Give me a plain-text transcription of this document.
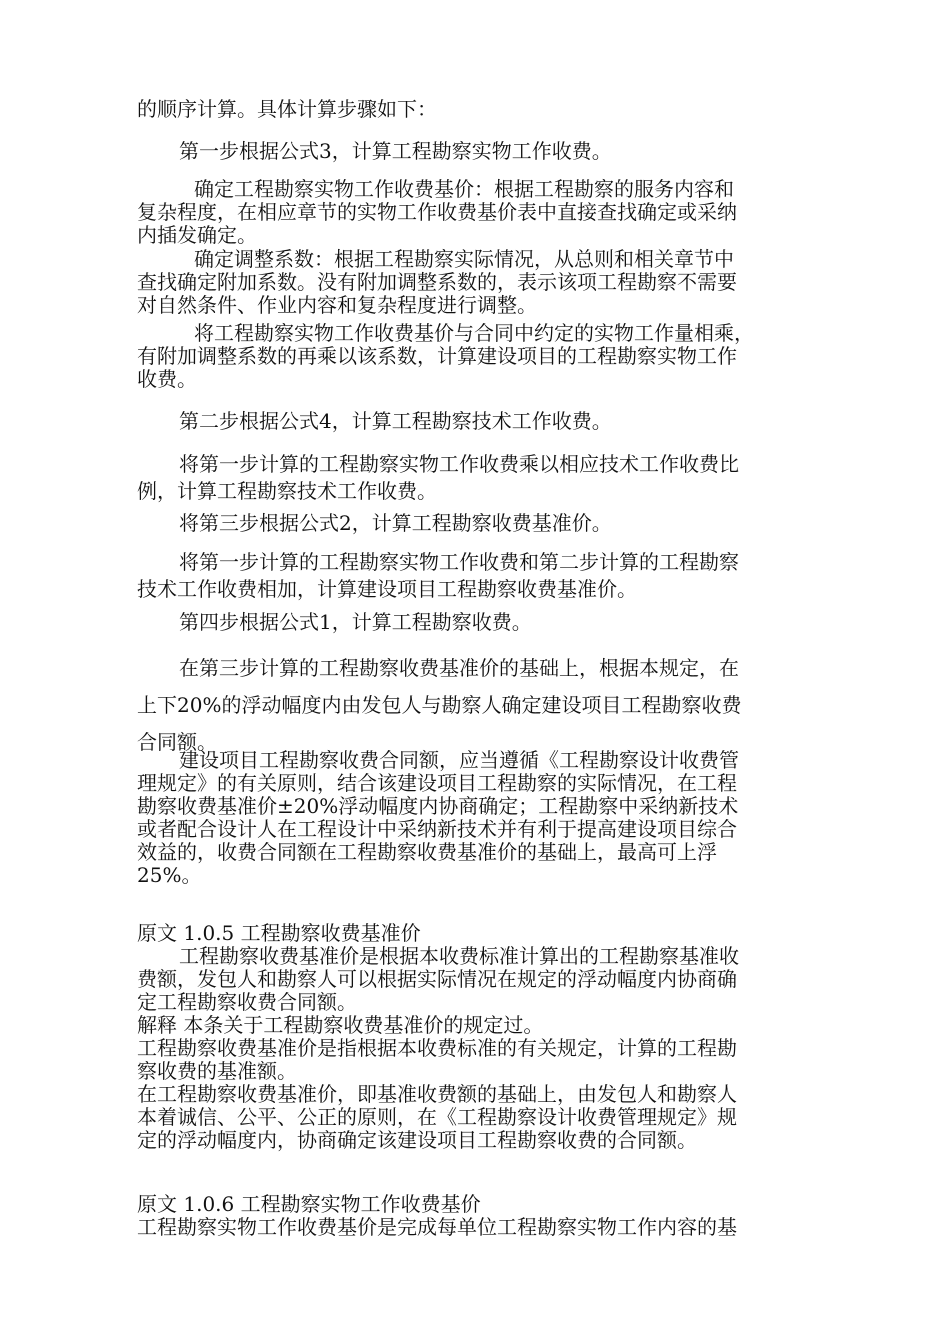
的顺序计算。具体计算步骤如下：

第一步根据公式3，计算工程勘察实物工作收费。

确定工程勘察实物工作收费基价：根据工程勘察的服务内容和
复杂程度，在相应章节的实物工作收费基价表中直接查找确定或采纳
内插发确定。

确定调整系数：根据工程勘察实际情况，从总则和相关章节中
查找确定附加系数。没有附加调整系数的，表示该项工程勘察不需要
对自然条件、作业内容和复杂程度进行调整。

将工程勘察实物工作收费基价与合同中约定的实物工作量相乘，
有附加调整系数的再乘以该系数，计算建设项目的工程勘察实物工作
收费。

第二步根据公式4，计算工程勘察技术工作收费。

将第一步计算的工程勘察实物工作收费乘以相应技术工作收费比
例，计算工程勘察技术工作收费。

将第三步根据公式2，计算工程勘察收费基准价。

将第一步计算的工程勘察实物工作收费和第二步计算的工程勘察
技术工作收费相加，计算建设项目工程勘察收费基准价。

第四步根据公式1，计算工程勘察收费。

在第三步计算的工程勘察收费基准价的基础上，根据本规定，在
上下20%的浮动幅度内由发包人与勘察人确定建设项目工程勘察收费
合同额。

建设项目工程勘察收费合同额，应当遵循《工程勘察设计收费管
理规定》的有关原则，结合该建设项目工程勘察的实际情况，在工程
勘察收费基准价±20%浮动幅度内协商确定；工程勘察中采纳新技术
或者配合设计人在工程设计中采纳新技术并有利于提高建设项目综合
效益的，收费合同额在工程勘察收费基准价的基础上，最高可上浮
25%。

原文 1.0.5 工程勘察收费基准价

工程勘察收费基准价是根据本收费标准计算出的工程勘察基准收
费额，发包人和勘察人可以根据实际情况在规定的浮动幅度内协商确
定工程勘察收费合同额。
解释 本条关于工程勘察收费基准价的规定过。
工程勘察收费基准价是指根据本收费标准的有关规定，计算的工程勘
察收费的基准额。
在工程勘察收费基准价，即基准收费额的基础上，由发包人和勘察人
本着诚信、公平、公正的原则，在《工程勘察设计收费管理规定》规
定的浮动幅度内，协商确定该建设项目工程勘察收费的合同额。

原文 1.0.6 工程勘察实物工作收费基价
工程勘察实物工作收费基价是完成每单位工程勘察实物工作内容的基
